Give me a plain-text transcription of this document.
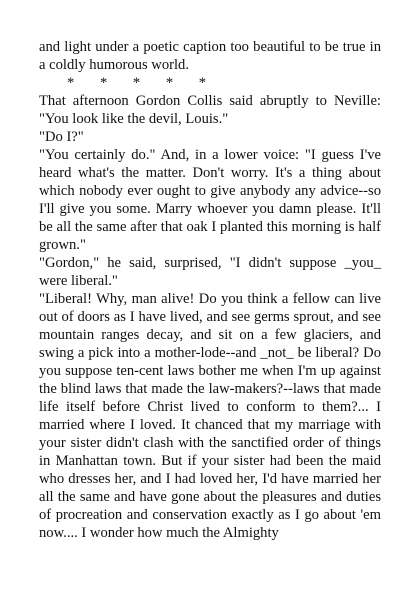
and light under a poetic caption too beautiful to be true in a coldly humorous world.

* * * * *

That afternoon Gordon Collis said abruptly to Neville: "You look like the devil, Louis."

"Do I?"

"You certainly do." And, in a lower voice: "I guess I've heard what's the matter. Don't worry. It's a thing about which nobody ever ought to give anybody any advice--so I'll give you some. Marry whoever you damn please. It'll be all the same after that oak I planted this morning is half grown."

"Gordon," he said, surprised, "I didn't suppose _you_ were liberal."

"Liberal! Why, man alive! Do you think a fellow can live out of doors as I have lived, and see germs sprout, and see mountain ranges decay, and sit on a few glaciers, and swing a pick into a mother-lode--and _not_ be liberal? Do you suppose ten-cent laws bother me when I'm up against the blind laws that made the law-makers?--laws that made life itself before Christ lived to conform to them?... I married where I loved. It chanced that my marriage with your sister didn't clash with the sanctified order of things in Manhattan town. But if your sister had been the maid who dresses her, and I had loved her, I'd have married her all the same and have gone about the pleasures and duties of procreation and conservation exactly as I go about 'em now.... I wonder how much the Almighty
